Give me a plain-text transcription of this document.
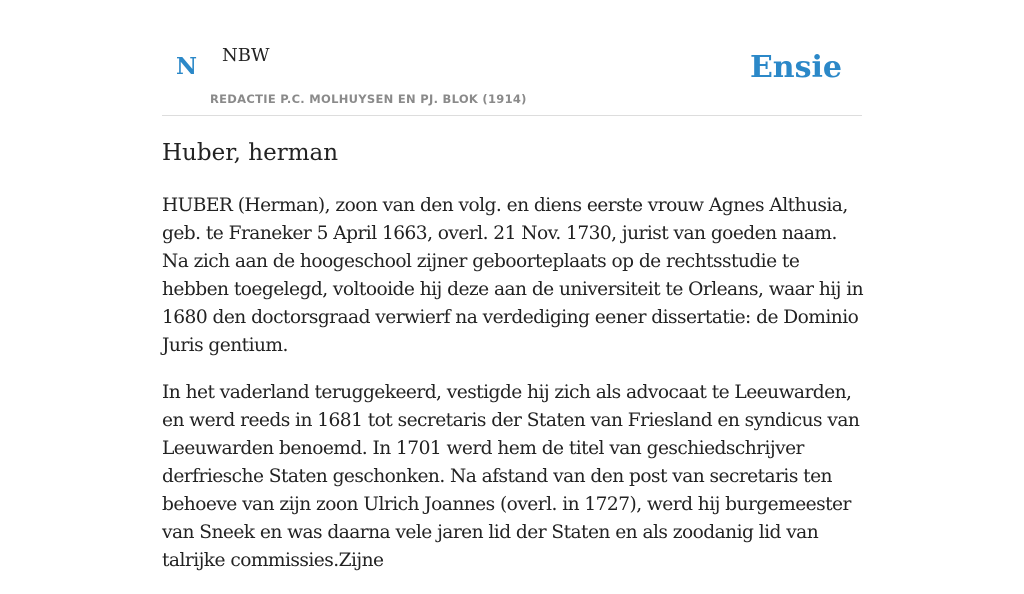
N NBW
REDACTIE P.C. MOLHUYSEN EN PJ. BLOK (1914)
Ensie
Huber, herman

HUBER (Herman), zoon van den volg. en diens eerste vrouw Agnes Althusia, geb. te Franeker 5 April 1663, overl. 21 Nov. 1730, jurist van goeden naam. Na zich aan de hoogeschool zijner geboorteplaats op de rechtsstudie te hebben toegelegd, voltooide hij deze aan de universiteit te Orleans, waar hij in 1680 den doctorsgraad verwierf na verdediging eener dissertatie: de Dominio Juris gentium.

In het vaderland teruggekeerd, vestigde hij zich als advocaat te Leeuwarden, en werd reeds in 1681 tot secretaris der Staten van Friesland en syndicus van Leeuwarden benoemd. In 1701 werd hem de titel van geschiedschrijver derfriesche Staten geschonken. Na afstand van den post van secretaris ten behoeve van zijn zoon Ulrich Joannes (overl. in 1727), werd hij burgemeester van Sneek en was daarna vele jaren lid der Staten en als zoodanig lid van talrijke commissies.Zijne
